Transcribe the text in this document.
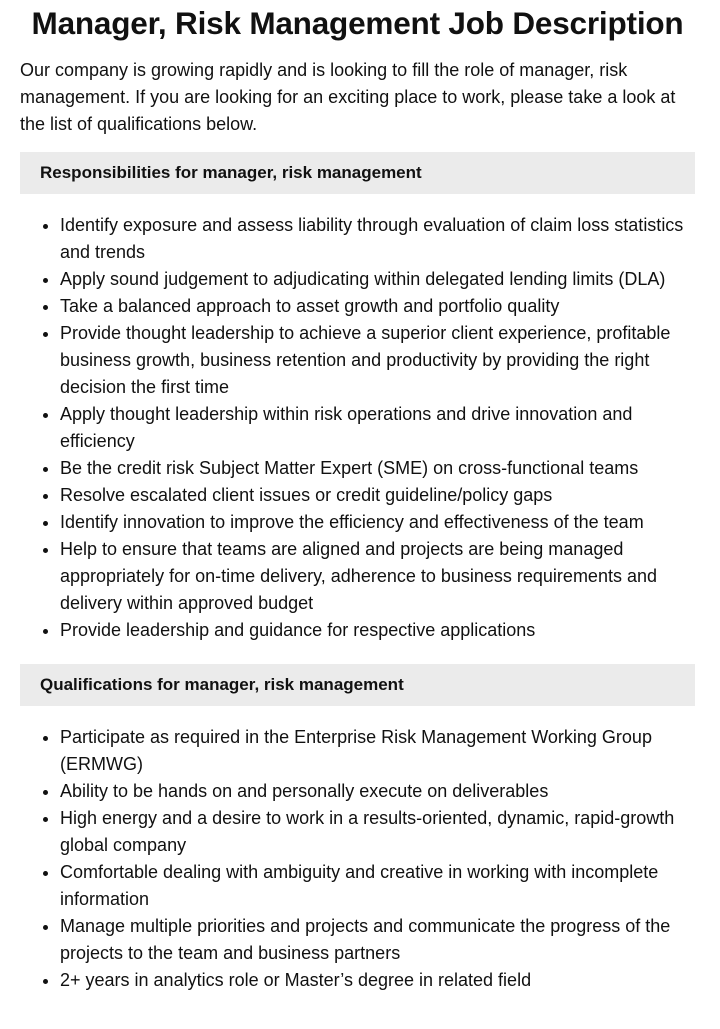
Manager, Risk Management Job Description

Our company is growing rapidly and is looking to fill the role of manager, risk management. If you are looking for an exciting place to work, please take a look at the list of qualifications below.

Responsibilities for manager, risk management
• Identify exposure and assess liability through evaluation of claim loss statistics and trends
• Apply sound judgement to adjudicating within delegated lending limits (DLA)
• Take a balanced approach to asset growth and portfolio quality
• Provide thought leadership to achieve a superior client experience, profitable business growth, business retention and productivity by providing the right decision the first time
• Apply thought leadership within risk operations and drive innovation and efficiency
• Be the credit risk Subject Matter Expert (SME) on cross-functional teams
• Resolve escalated client issues or credit guideline/policy gaps
• Identify innovation to improve the efficiency and effectiveness of the team
• Help to ensure that teams are aligned and projects are being managed appropriately for on-time delivery, adherence to business requirements and delivery within approved budget
• Provide leadership and guidance for respective applications
Qualifications for manager, risk management
• Participate as required in the Enterprise Risk Management Working Group (ERMWG)
• Ability to be hands on and personally execute on deliverables
• High energy and a desire to work in a results-oriented, dynamic, rapid-growth global company
• Comfortable dealing with ambiguity and creative in working with incomplete information
• Manage multiple priorities and projects and communicate the progress of the projects to the team and business partners
• 2+ years in analytics role or Master’s degree in related field
